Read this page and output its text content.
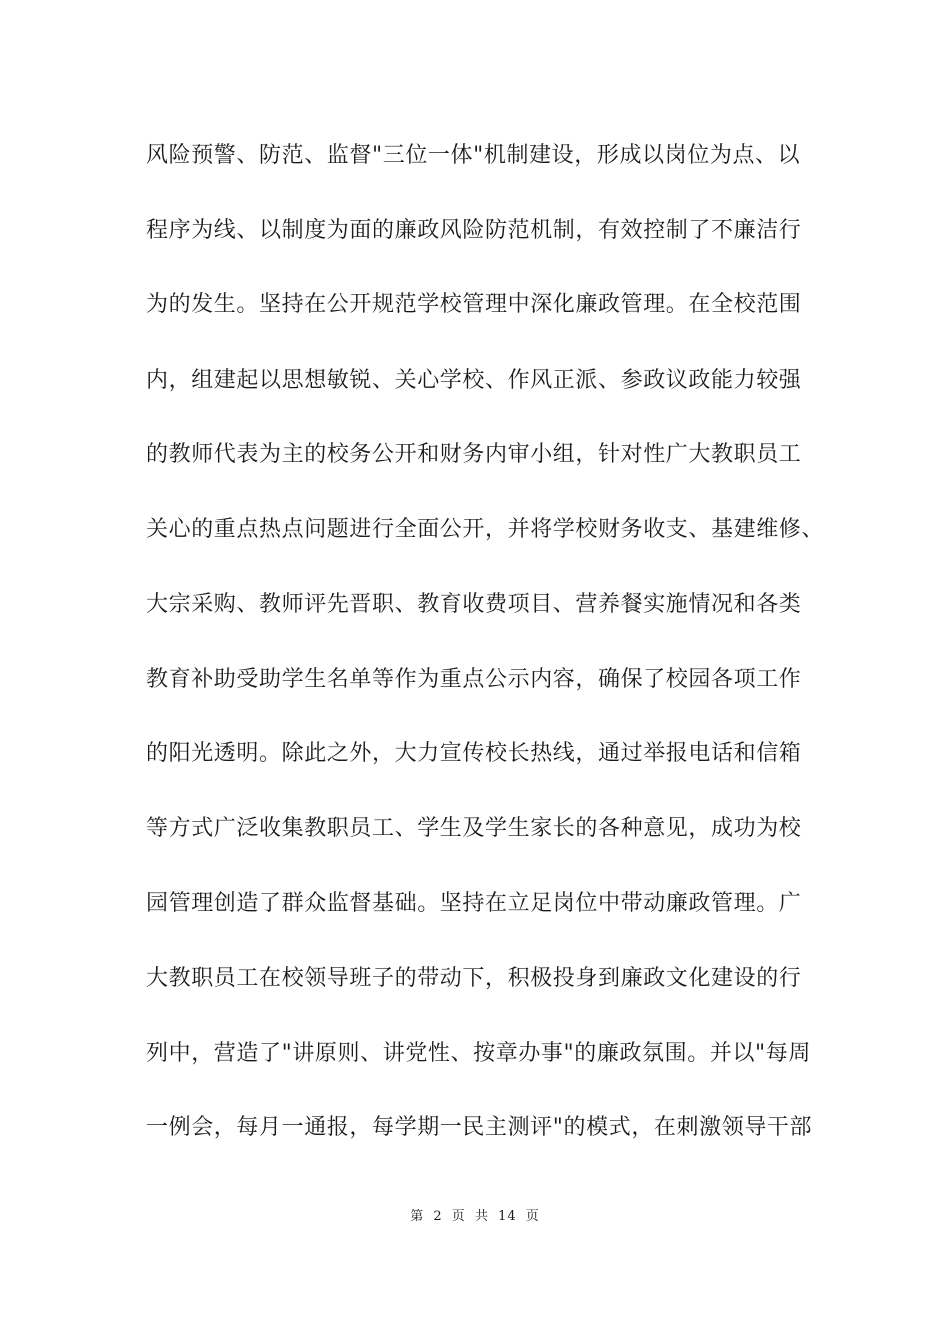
风险预警、防范、监督"三位一体"机制建设，形成以岗位为点、以
程序为线、以制度为面的廉政风险防范机制，有效控制了不廉洁行
为的发生。坚持在公开规范学校管理中深化廉政管理。在全校范围
内，组建起以思想敏锐、关心学校、作风正派、参政议政能力较强
的教师代表为主的校务公开和财务内审小组，针对性广大教职员工
关心的重点热点问题进行全面公开，并将学校财务收支、基建维修、
大宗采购、教师评先晋职、教育收费项目、营养餐实施情况和各类
教育补助受助学生名单等作为重点公示内容，确保了校园各项工作
的阳光透明。除此之外，大力宣传校长热线，通过举报电话和信箱
等方式广泛收集教职员工、学生及学生家长的各种意见，成功为校
园管理创造了群众监督基础。坚持在立足岗位中带动廉政管理。广
大教职员工在校领导班子的带动下，积极投身到廉政文化建设的行
列中，营造了"讲原则、讲党性、按章办事"的廉政氛围。并以"每周
一例会，每月一通报，每学期一民主测评"的模式，在刺激领导干部
第 2 页 共 14 页
